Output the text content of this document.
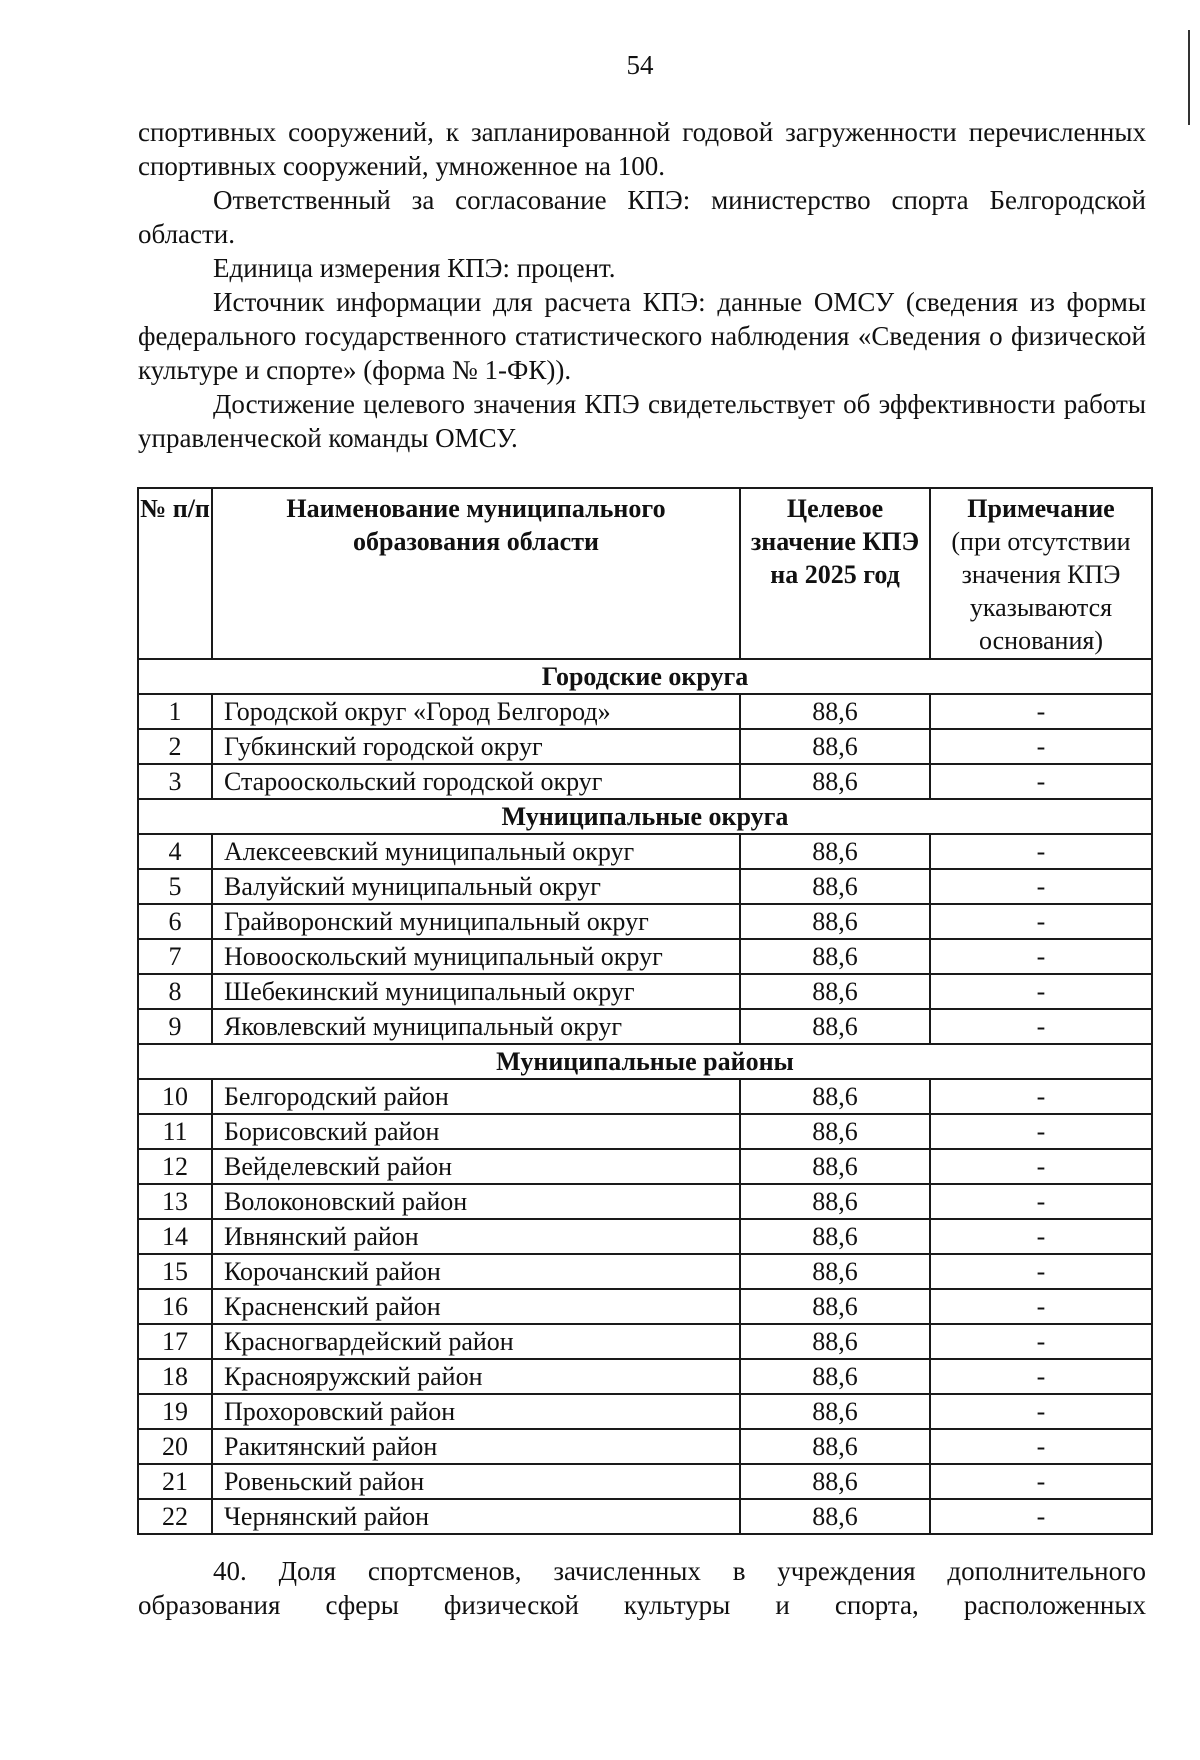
54

спортивных сооружений, к запланированной годовой загруженности перечисленных спортивных сооружений, умноженное на 100.

Ответственный за согласование КПЭ: министерство спорта Белгородской области.

Единица измерения КПЭ: процент.

Источник информации для расчета КПЭ: данные ОМСУ (сведения из формы федерального государственного статистического наблюдения «Сведения о физической культуре и спорте» (форма № 1-ФК)).

Достижение целевого значения КПЭ свидетельствует об эффективности работы управленческой команды ОМСУ.

№ п/п	Наименование муниципального образования области	Целевое значение КПЭ на 2025 год	Примечание
(при отсутствии значения КПЭ указываются основания)

Городские округа			
1	Городской округ «Город Белгород»	88,6	-
2	Губкинский городской округ	88,6	-
3	Старооскольский городской округ	88,6	-
Муниципальные округа			
4	Алексеевский муниципальный округ	88,6	-
5	Валуйский муниципальный округ	88,6	-
6	Грайворонский муниципальный округ	88,6	-
7	Новооскольский муниципальный округ	88,6	-
8	Шебекинский муниципальный округ	88,6	-
9	Яковлевский муниципальный округ	88,6	-
Муниципальные районы			
10	Белгородский район	88,6	-
11	Борисовский район	88,6	-
12	Вейделевский район	88,6	-
13	Волоконовский район	88,6	-
14	Ивнянский район	88,6	-
15	Корочанский район	88,6	-
16	Красненский район	88,6	-
17	Красногвардейский район	88,6	-
18	Краснояружский район	88,6	-
19	Прохоровский район	88,6	-
20	Ракитянский район	88,6	-
21	Ровеньский район	88,6	-
22	Чернянский район	88,6	-

40. Доля спортсменов, зачисленных в учреждения дополнительного

образования сферы физической культуры и спорта, расположенных
